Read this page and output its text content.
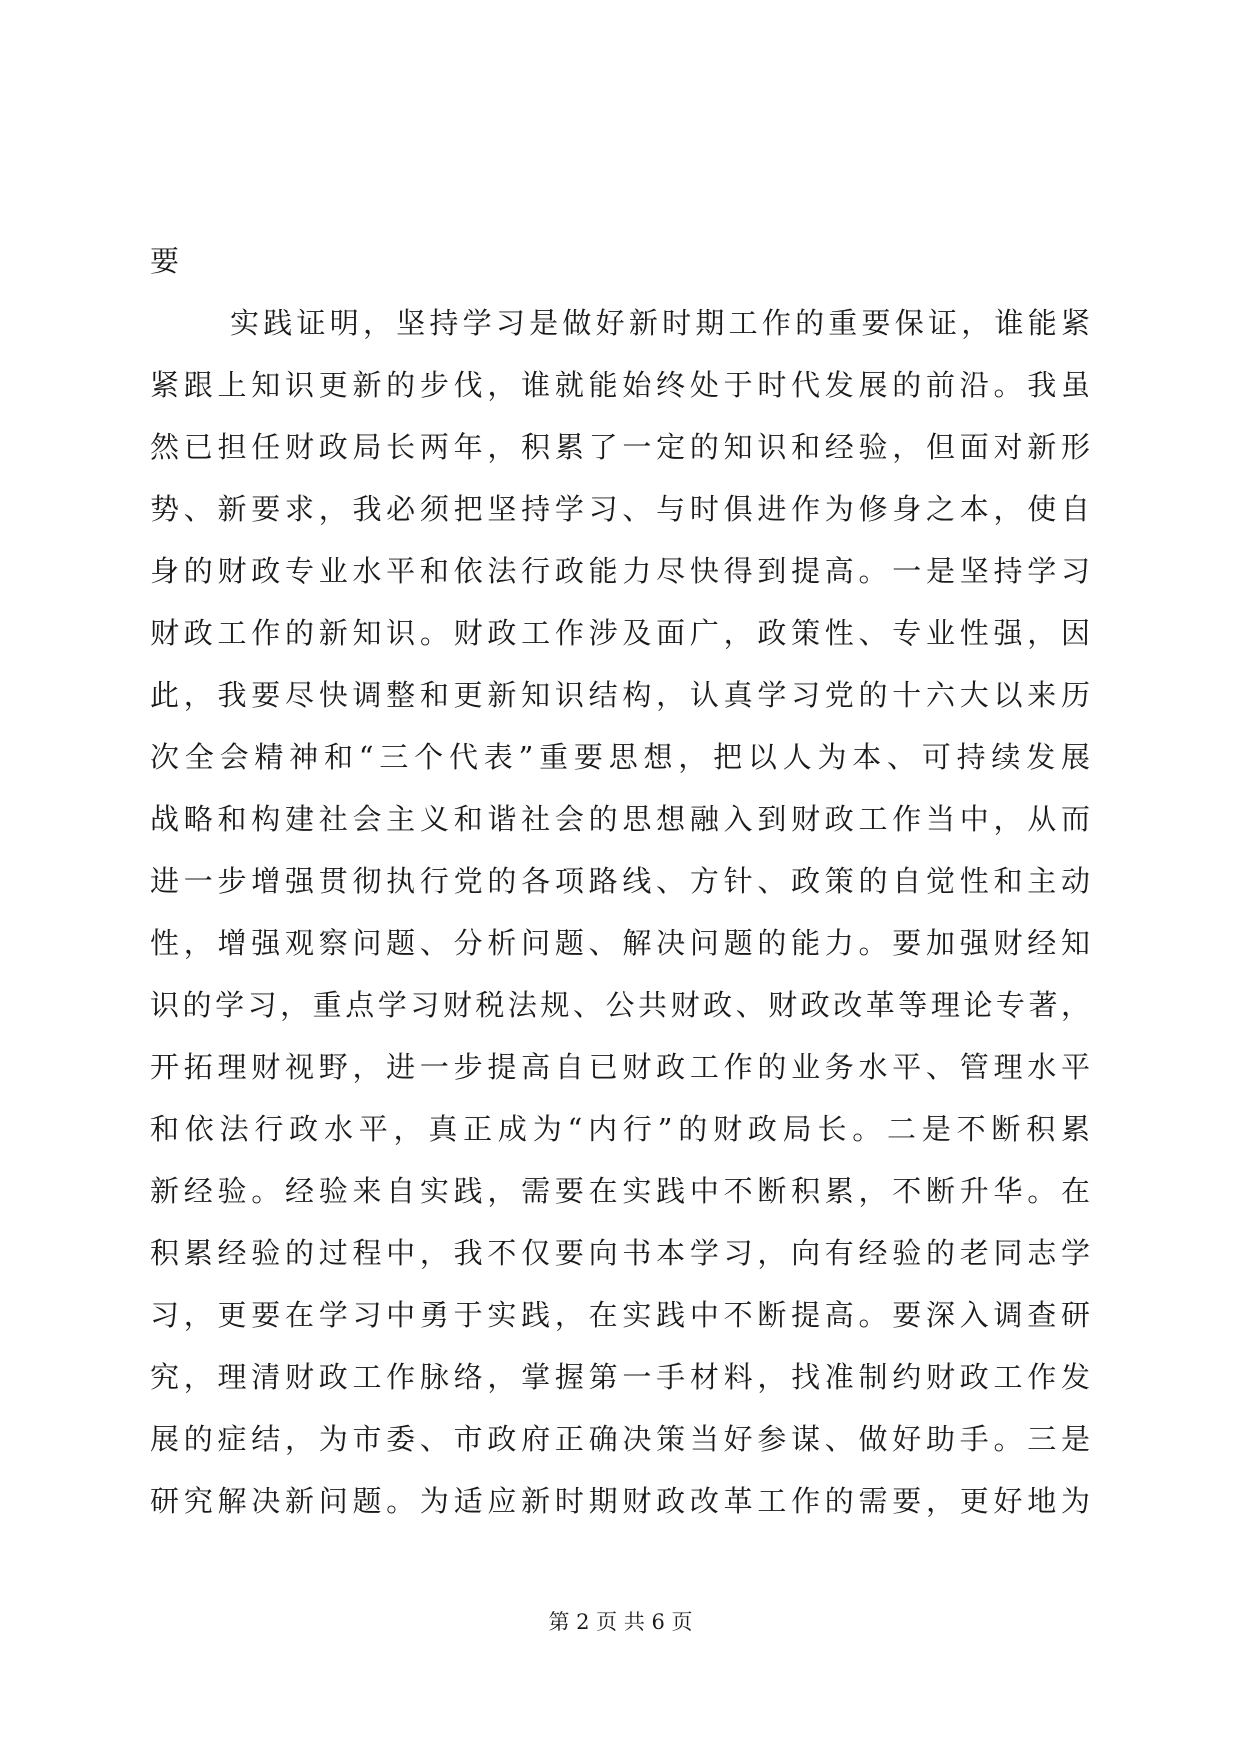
要
实践证明，坚持学习是做好新时期工作的重要保证，谁能紧
紧跟上知识更新的步伐，谁就能始终处于时代发展的前沿。我虽
然已担任财政局长两年，积累了一定的知识和经验，但面对新形
势、新要求，我必须把坚持学习、与时俱进作为修身之本，使自
身的财政专业水平和依法行政能力尽快得到提高。一是坚持学习
财政工作的新知识。财政工作涉及面广，政策性、专业性强，因
此，我要尽快调整和更新知识结构，认真学习党的十六大以来历
次全会精神和“三个代表”重要思想，把以人为本、可持续发展
战略和构建社会主义和谐社会的思想融入到财政工作当中，从而
进一步增强贯彻执行党的各项路线、方针、政策的自觉性和主动
性，增强观察问题、分析问题、解决问题的能力。要加强财经知
识的学习，重点学习财税法规、公共财政、财政改革等理论专著，
开拓理财视野，进一步提高自已财政工作的业务水平、管理水平
和依法行政水平，真正成为“内行”的财政局长。二是不断积累
新经验。经验来自实践，需要在实践中不断积累，不断升华。在
积累经验的过程中，我不仅要向书本学习，向有经验的老同志学
习，更要在学习中勇于实践，在实践中不断提高。要深入调查研
究，理清财政工作脉络，掌握第一手材料，找准制约财政工作发
展的症结，为市委、市政府正确决策当好参谋、做好助手。三是
研究解决新问题。为适应新时期财政改革工作的需要，更好地为
第 2 页 共 6 页
